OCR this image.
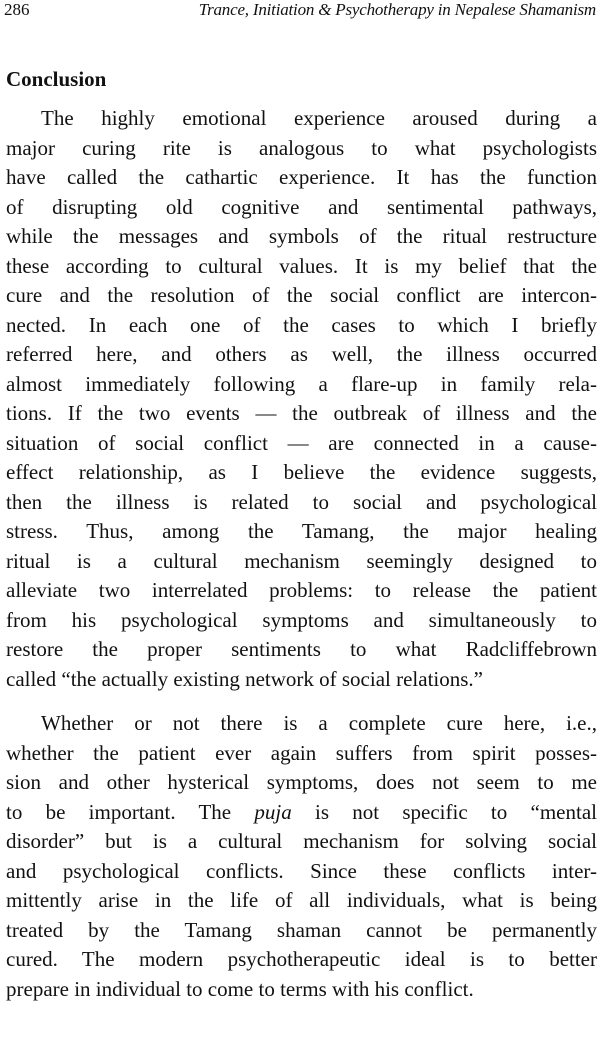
286	Trance, Initiation & Psychotherapy in Nepalese Shamanism
Conclusion
The highly emotional experience aroused during a
major curing rite is analogous to what psychologists
have called the cathartic experience. It has the function
of disrupting old cognitive and sentimental pathways,
while the messages and symbols of the ritual restructure
these according to cultural values. It is my belief that the
cure and the resolution of the social conflict are intercon-
nected. In each one of the cases to which I briefly
referred here, and others as well, the illness occurred
almost immediately following a flare-up in family rela-
tions. If the two events — the outbreak of illness and the
situation of social conflict — are connected in a cause-
effect relationship, as I believe the evidence suggests,
then the illness is related to social and psychological
stress. Thus, among the Tamang, the major healing
ritual is a cultural mechanism seemingly designed to
alleviate two interrelated problems: to release the patient
from his psychological symptoms and simultaneously to
restore the proper sentiments to what Radcliffebrown
called “the actually existing network of social relations.”
Whether or not there is a complete cure here, i.e.,
whether the patient ever again suffers from spirit posses-
sion and other hysterical symptoms, does not seem to me
to be important. The puja is not specific to “mental
disorder” but is a cultural mechanism for solving social
and psychological conflicts. Since these conflicts inter-
mittently arise in the life of all individuals, what is being
treated by the Tamang shaman cannot be permanently
cured. The modern psychotherapeutic ideal is to better
prepare in individual to come to terms with his conflict.
